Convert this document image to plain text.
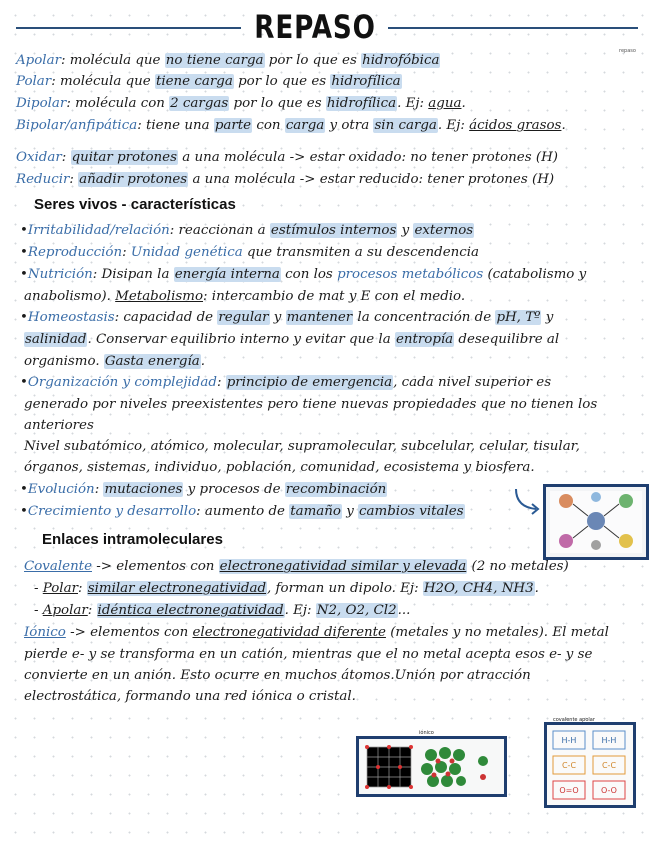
REPASO
repaso
Apolar: molécula que no tiene carga por lo que es hidrofóbica
Polar: molécula que tiene carga por lo que es hidrofílica
Dipolar: molécula con 2 cargas por lo que es hidrofílica. Ej: agua.
Bipolar/anfipática: tiene una parte con carga y otra sin carga. Ej: ácidos grasos.
Oxidar: quitar protones a una molécula -> estar oxidado: no tener protones (H)
Reducir: añadir protones a una molécula -> estar reducido: tener protones (H)
Seres vivos - características
•Irritabilidad/relación: reaccionan a estímulos internos y externos
•Reproducción: Unidad genética que transmiten a su descendencia
•Nutrición: Disipan la energía interna con los procesos metabólicos (catabolismo y
anabolismo). Metabolismo: intercambio de mat y E con el medio.
•Homeostasis: capacidad de regular y mantener la concentración de pH, Tº y
salinidad. Conservar equilibrio interno y evitar que la entropía desequilibre al
organismo. Gasta energía.
•Organización y complejidad: principio de emergencia, cada nivel superior es
generado por niveles preexistentes pero tiene nuevas propiedades que no tienen los
anteriores
Nivel subatómico, atómico, molecular, supramolecular, subcelular, celular, tisular,
órganos, sistemas, individuo, población, comunidad, ecosistema y biosfera.
•Evolución: mutaciones y procesos de recombinación
•Crecimiento y desarrollo: aumento de tamaño y cambios vitales
Enlaces intramoleculares
Covalente -> elementos con electronegatividad similar y elevada (2 no metales)
- Polar: similar electronegatividad, forman un dipolo. Ej: H2O, CH4, NH3.
- Apolar: idéntica electronegatividad. Ej: N2, O2, Cl2...
Iónico -> elementos con electronegatividad diferente (metales y no metales). El metal
pierde e- y se transforma en un catión, mientras que el no metal acepta esos e- y se
convierte en un anión. Esto ocurre en muchos átomos.Unión por atracción
electrostática, formando una red iónica o cristal.
iónico
covalente apolar
H-H	H-H
C-C	C-C
O=O	O-O
